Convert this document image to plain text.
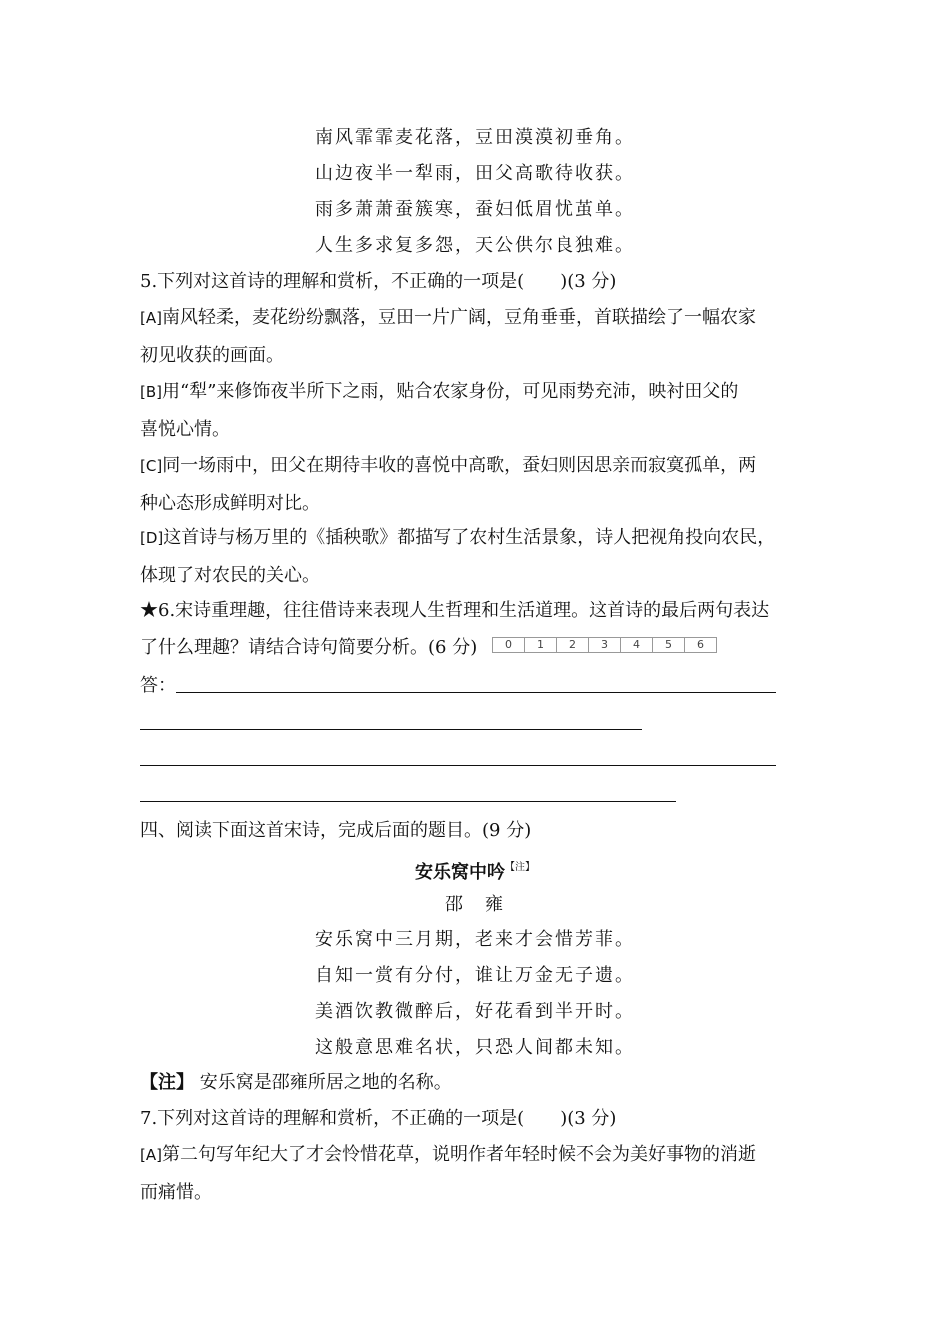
南风霏霏麦花落，豆田漠漠初垂角。
山边夜半一犁雨，田父高歌待收获。
雨多萧萧蚕簇寒，蚕妇低眉忧茧单。
人生多求复多怨，天公供尔良独难。
5.下列对这首诗的理解和赏析，不正确的一项是(　　)(3 分)
[A]南风轻柔，麦花纷纷飘落，豆田一片广阔，豆角垂垂，首联描绘了一幅农家
初见收获的画面。
[B]用“犁”来修饰夜半所下之雨，贴合农家身份，可见雨势充沛，映衬田父的
喜悦心情。
[C]同一场雨中，田父在期待丰收的喜悦中高歌，蚕妇则因思亲而寂寞孤单，两
种心态形成鲜明对比。
[D]这首诗与杨万里的《插秧歌》都描写了农村生活景象，诗人把视角投向农民，
体现了对农民的关心。
★6.宋诗重理趣，往往借诗来表现人生哲理和生活道理。这首诗的最后两句表达
了什么理趣？请结合诗句简要分析。(6 分)	0	1	2	3	4	5	6
答：
四、阅读下面这首宋诗，完成后面的题目。(9 分)
安乐窝中吟$^{【注】}$
邵　雍
安乐窝中三月期，老来才会惜芳菲。
自知一赏有分付，谁让万金无子遗。
美酒饮教微醉后，好花看到半开时。
这般意思难名状，只恐人间都未知。
【注】 安乐窝是邵雍所居之地的名称。
7.下列对这首诗的理解和赏析，不正确的一项是(　　)(3 分)
[A]第二句写年纪大了才会怜惜花草，说明作者年轻时候不会为美好事物的消逝
而痛惜。
